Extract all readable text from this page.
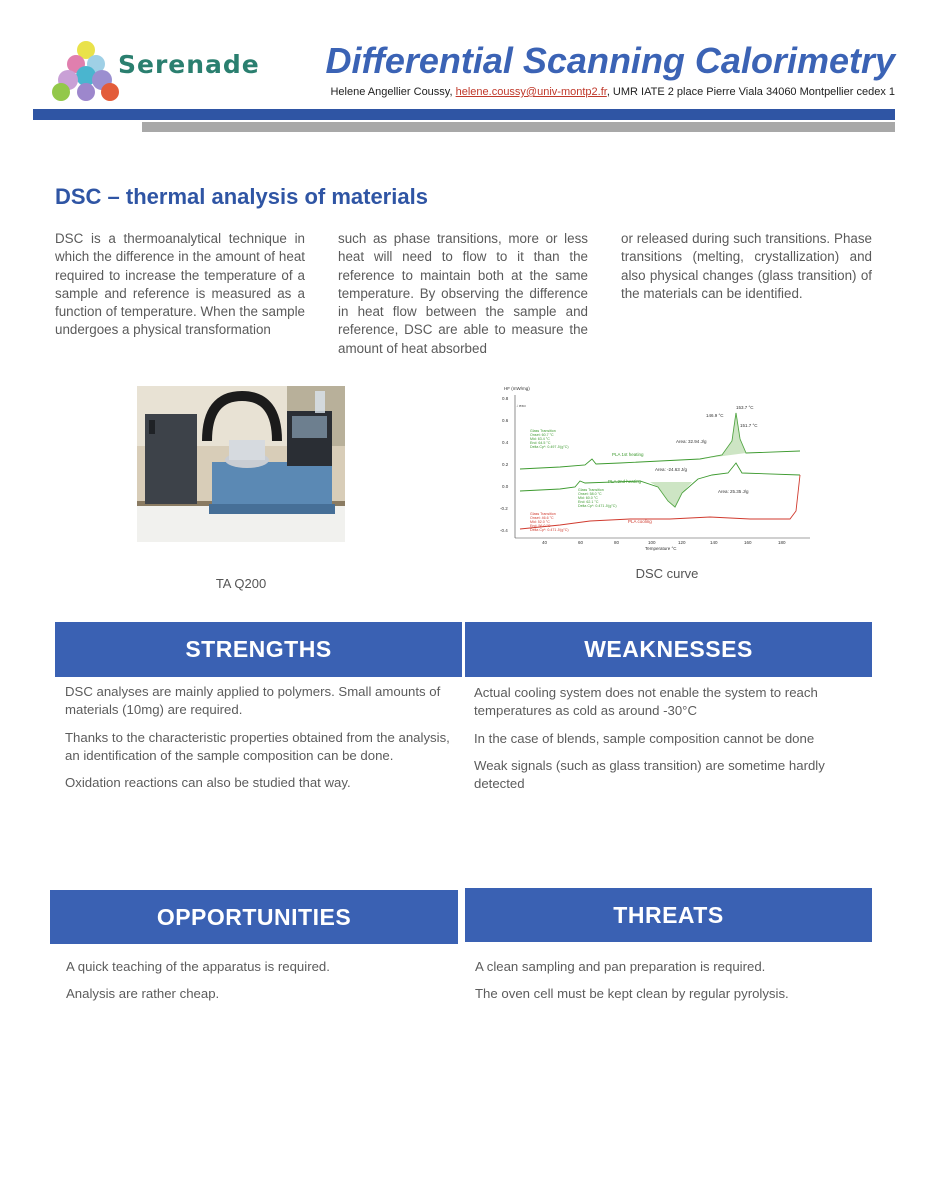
Serenade Differential Scanning Calorimetry
Helene Angellier Coussy, helene.coussy@univ-montp2.fr, UMR IATE 2 place Pierre Viala 34060 Montpellier cedex 1
DSC – thermal analysis of materials
DSC is a thermoanalytical technique in which the difference in the amount of heat required to increase the temperature of a sample and reference is measured as a function of temperature. When the sample undergoes a physical transformation
such as phase transitions, more or less heat will need to flow to it than the reference to maintain both at the same temperature. By observing the difference in heat flow between the sample and reference, DSC are able to measure the amount of heat absorbed
or released during such transitions. Phase transitions (melting, crystallization) and also physical changes (glass transition) of the materials can be identified.
TA Q200
HF (mW/mg)
↓ exo
0.8
0.6
0.4
0.2
0.0
-0.2
-0.4
40	60	80	100	120	140	160	180
Temperature °C
153.7 °C
146.9 °C
151.7 °C
Area: 32.94 J/g
Area: -24.63 J/g
Area: 25.35 J/g
PLA 1st heating
PLA 2nd heating
PLA cooling
Glass Transition
Onset: 60.7 °C
Mid: 63.4 °C
End: 64.5 °C
Delta Cp*: 0.497 J/(g°C)
Glass Transition
Onset: 58.0 °C
Mid: 60.0 °C
End: 62.1 °C
Delta Cp*: 0.471 J/(g°C)
Glass Transition
Onset: 46.6 °C
Mid: 52.0 °C
End: 56.0 °C
Delta Cp*: 0.471 J/(g°C)
DSC curve
STRENGTHS

DSC analyses are mainly applied to polymers. Small amounts of materials (10mg) are required.

Thanks to the characteristic properties obtained from the analysis, an identification of the sample composition can be done.

Oxidation reactions can also be studied that way.

WEAKNESSES

Actual cooling system does not enable the system to reach temperatures as cold as around -30°C

In the case of blends, sample composition cannot be done

Weak signals (such as glass transition) are sometime hardly detected

OPPORTUNITIES

A quick teaching of the apparatus is required.

Analysis are rather cheap.

THREATS

A clean sampling and pan preparation is required.

The oven cell must be kept clean by regular pyrolysis.
